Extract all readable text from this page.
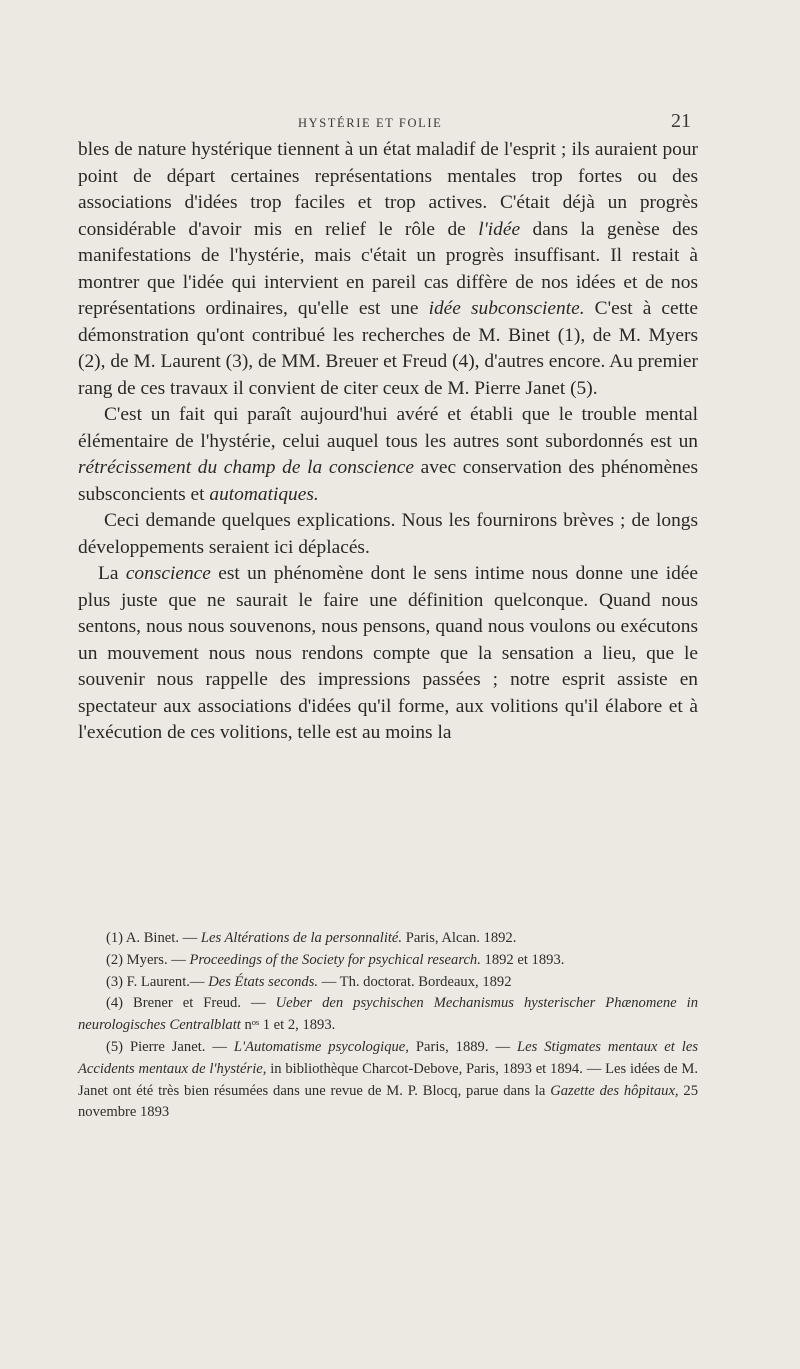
HYSTÉRIE ET FOLIE	21

bles de nature hystérique tiennent à un état maladif de l'esprit ; ils auraient pour point de départ certaines représentations mentales trop fortes ou des associations d'idées trop faciles et trop actives. C'était déjà un progrès considérable d'avoir mis en relief le rôle de l'idée dans la genèse des manifestations de l'hystérie, mais c'était un progrès insuffisant. Il restait à montrer que l'idée qui intervient en pareil cas diffère de nos idées et de nos représentations ordinaires, qu'elle est une idée subconsciente. C'est à cette démonstration qu'ont contribué les recherches de M. Binet (1), de M. Myers (2), de M. Laurent (3), de MM. Breuer et Freud (4), d'autres encore. Au premier rang de ces travaux il convient de citer ceux de M. Pierre Janet (5).

C'est un fait qui paraît aujourd'hui avéré et établi que le trouble mental élémentaire de l'hystérie, celui auquel tous les autres sont subordonnés est un rétrécissement du champ de la conscience avec conservation des phénomènes subsconcients et automatiques.

Ceci demande quelques explications. Nous les fournirons brèves ; de longs développements seraient ici déplacés.

La conscience est un phénomène dont le sens intime nous donne une idée plus juste que ne saurait le faire une définition quelconque. Quand nous sentons, nous nous souvenons, nous pensons, quand nous voulons ou exécutons un mouvement nous nous rendons compte que la sensation a lieu, que le souvenir nous rappelle des impressions passées ; notre esprit assiste en spectateur aux associations d'idées qu'il forme, aux volitions qu'il élabore et à l'exécution de ces volitions, telle est au moins la

(1) A. Binet. — Les Altérations de la personnalité. Paris, Alcan. 1892.

(2) Myers. — Proceedings of the Society for psychical research. 1892 et 1893.

(3) F. Laurent.— Des États seconds. — Th. doctorat. Bordeaux, 1892

(4) Brener et Freud. — Ueber den psychischen Mechanismus hysterischer Phænomene in neurologisches Centralblatt nᵒˢ 1 et 2, 1893.

(5) Pierre Janet. — L'Automatisme psycologique, Paris, 1889. — Les Stigmates mentaux et les Accidents mentaux de l'hystérie, in bibliothèque Charcot-Debove, Paris, 1893 et 1894. — Les idées de M. Janet ont été très bien résumées dans une revue de M. P. Blocq, parue dans la Gazette des hôpitaux, 25 novembre 1893
